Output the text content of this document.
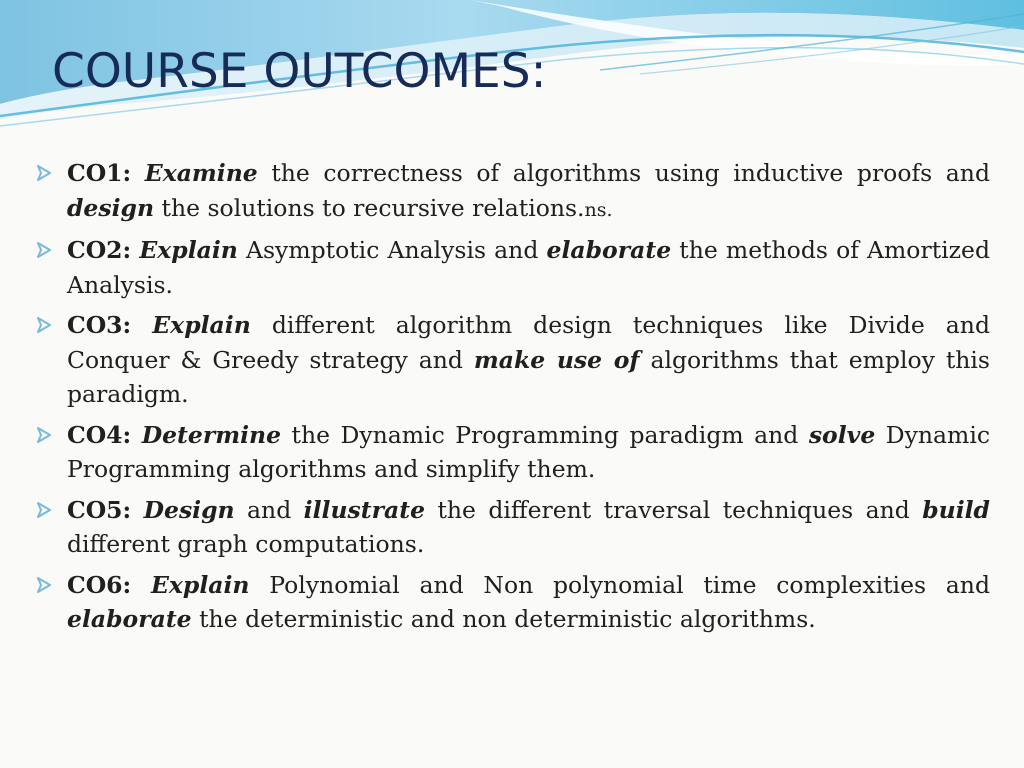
COURSE OUTCOMES:
CO1: Examine the correctness of algorithms using inductive proofs and design the solutions to recursive relations.ns.
CO2: Explain Asymptotic Analysis and elaborate the methods of Amortized Analysis.
CO3: Explain different algorithm design techniques like Divide and Conquer & Greedy strategy and make use of algorithms that employ this paradigm.
CO4: Determine the Dynamic Programming paradigm and solve Dynamic Programming algorithms and simplify them.
CO5: Design and illustrate the different traversal techniques and build different graph computations.
CO6: Explain Polynomial and Non polynomial time complexities and elaborate the deterministic and non deterministic algorithms.
